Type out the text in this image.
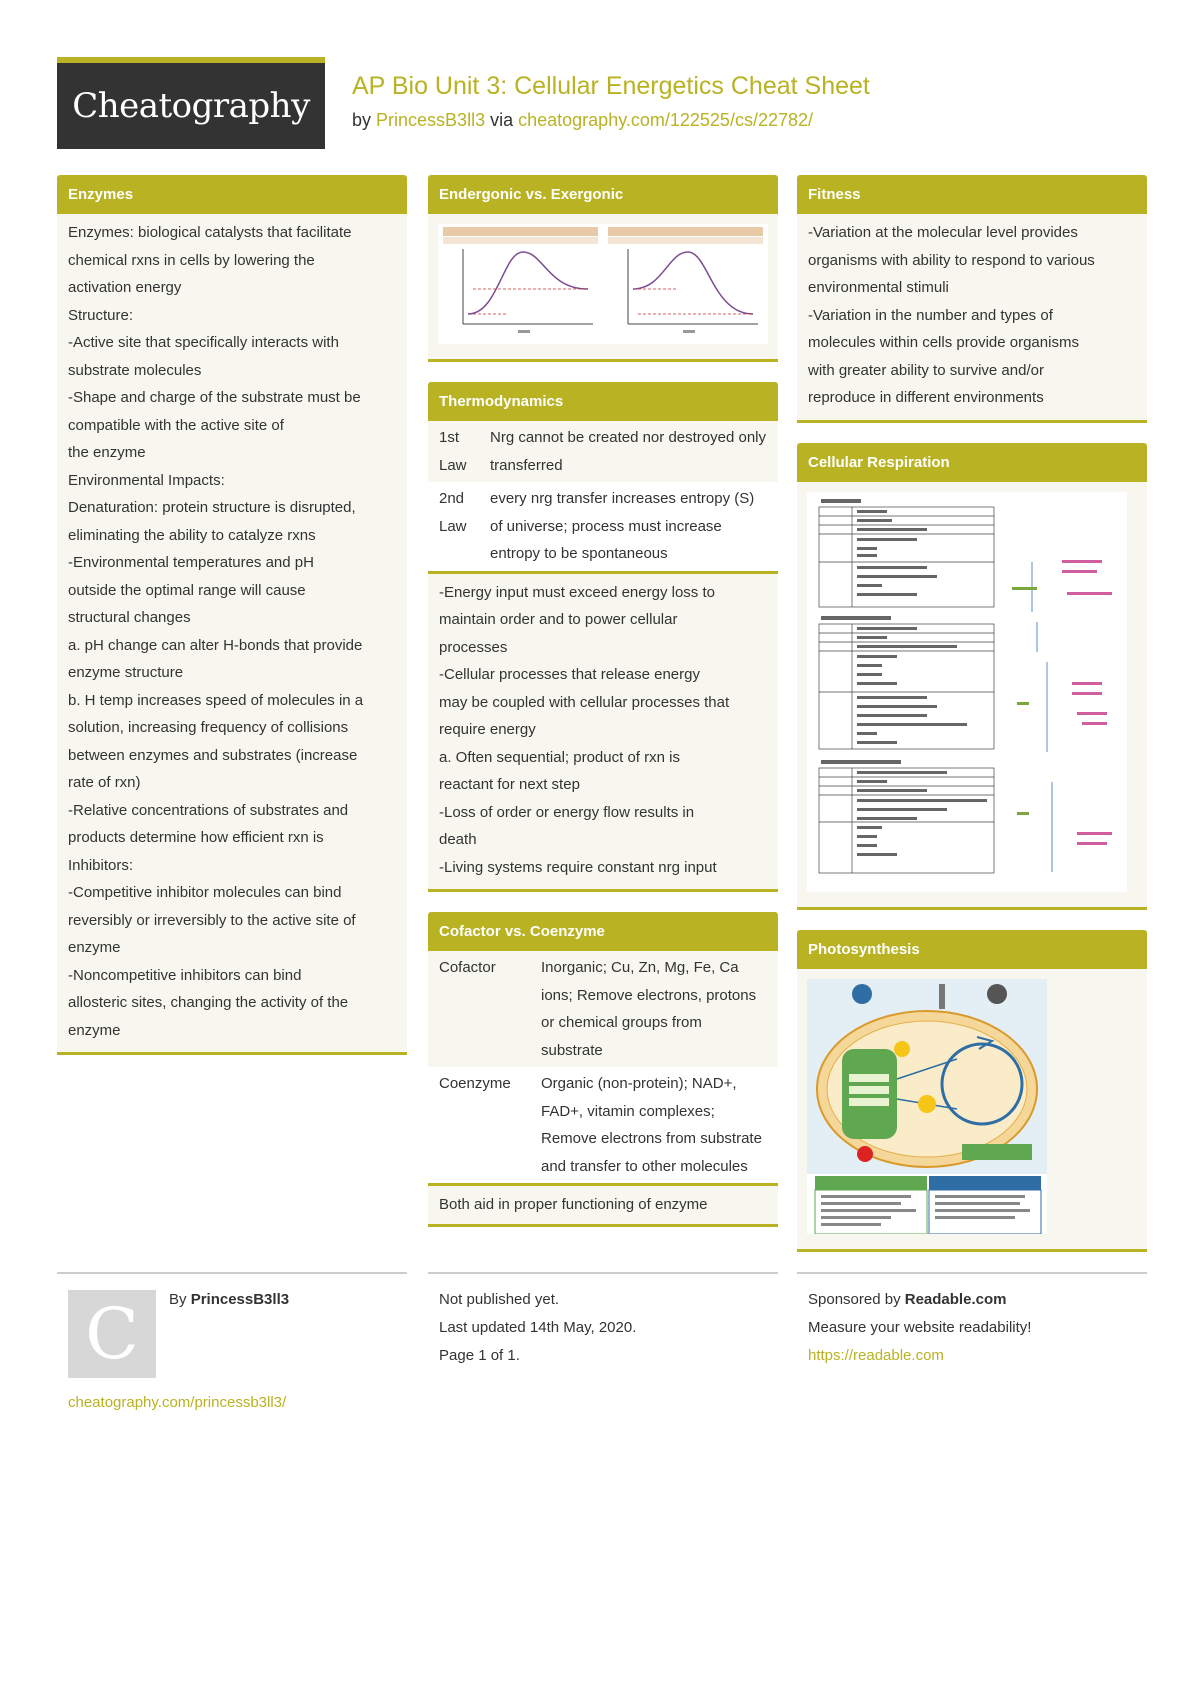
Cheatography AP Bio Unit 3: Cellular Energetics Cheat Sheet
by PrincessB3ll3 via cheatography.com/122525/cs/22782/
Enzymes
Enzymes: biological catalysts that facilitate
chemical rxns in cells by lowering the
activation energy
Structure:
-Active site that specifically interacts with
substrate molecules
-Shape and charge of the substrate must be
compatible with the active site of
the enzyme
Environmental Impacts:
Denaturation: protein structure is disrupted,
eliminating the ability to catalyze rxns
-Environmental temperatures and pH
outside the optimal range will cause
structural changes
a. pH change can alter H-bonds that provide
enzyme structure
b. H temp increases speed of molecules in a
solution, increasing frequency of collisions
between enzymes and substrates (increase
rate of rxn)
-Relative concentrations of substrates and
products determine how efficient rxn is
Inhibitors:
-Competitive inhibitor molecules can bind
reversibly or irreversibly to the active site of
enzyme
-Noncompetitive inhibitors can bind
allosteric sites, changing the activity of the
enzyme
Endergonic vs. Exergonic
Thermodynamics
1st Law
Nrg cannot be created nor destroyed only transferred
2nd Law
every nrg transfer increases entropy (S) of universe; process must increase entropy to be spontaneous
-Energy input must exceed energy loss to
maintain order and to power cellular
processes
-Cellular processes that release energy
may be coupled with cellular processes that
require energy
a. Often sequential; product of rxn is
reactant for next step
-Loss of order or energy flow results in
death
-Living systems require constant nrg input
Cofactor vs. Coenzyme
Cofactor	Inorganic; Cu, Zn, Mg, Fe, Ca ions; Remove electrons, protons or chemical groups from substrate
Coenzyme	Organic (non-protein); NAD+, FAD+, vitamin complexes; Remove electrons from substrate and transfer to other molecules
Both aid in proper functioning of enzyme
Fitness
-Variation at the molecular level provides
organisms with ability to respond to various
environmental stimuli
-Variation in the number and types of
molecules within cells provide organisms
with greater ability to survive and/or
reproduce in different environments
Cellular Respiration
Photosynthesis
C By PrincessB3ll3
cheatography.com/princessb3ll3/
Not published yet.
Last updated 14th May, 2020.
Page 1 of 1.
Sponsored by Readable.com
Measure your website readability!
https://readable.com
